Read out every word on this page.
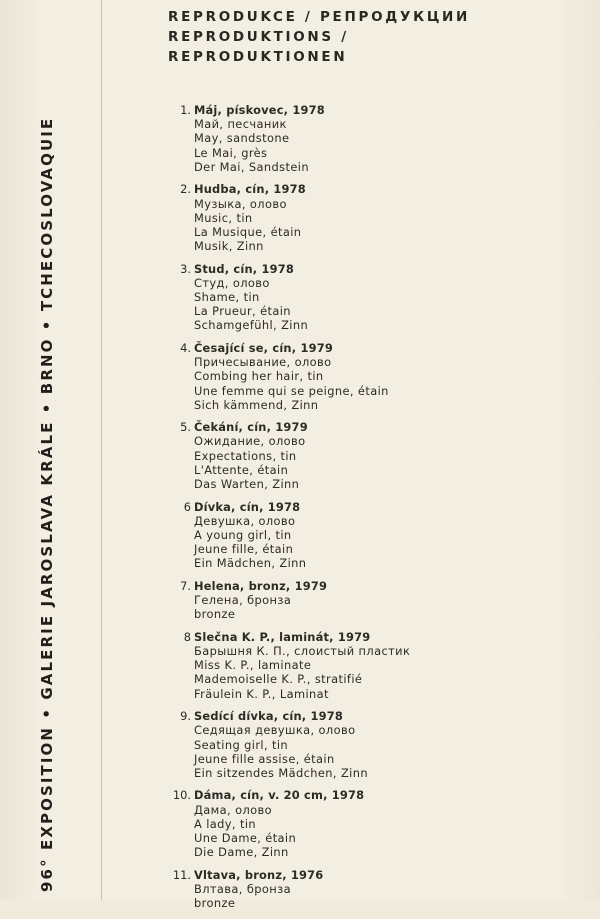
96° EXPOSITION • GALERIE JAROSLAVA KRÁLE • BRNO • TCHECOSLOVAQUIE
REPRODUKCE / РЕПРОДУКЦИИ
REPRODUKTIONS /
REPRODUKTIONEN
1. Máj, pískovec, 1978
Май, песчаник
May, sandstone
Le Mai, grès
Der Mai, Sandstein
2. Hudba, cín, 1978
Музыка, олово
Music, tin
La Musique, étain
Musik, Zinn
3. Stud, cín, 1978
Студ, олово
Shame, tin
La Prueur, étain
Schamgefühl, Zinn
4. Česající se, cín, 1979
Причесывание, олово
Combing her hair, tin
Une femme qui se peigne, étain
Sich kämmend, Zinn
5. Čekání, cín, 1979
Ожидание, олово
Expectations, tin
L'Attente, étain
Das Warten, Zinn
6 Dívka, cín, 1978
Девушка, олово
A young girl, tin
Jeune fille, étain
Ein Mädchen, Zinn
7. Helena, bronz, 1979
Гелена, бронза
bronze
8 Slečna K. P., laminát, 1979
Барышня К. П., слоистый пластик
Miss K. P., laminate
Mademoiselle K. P., stratifié
Fräulein K. P., Laminat
9. Sedící dívka, cín, 1978
Седящая девушка, олово
Seating girl, tin
Jeune fille assise, étain
Ein sitzendes Mädchen, Zinn
10. Dáma, cín, v. 20 cm, 1978
Дама, олово
A lady, tin
Une Dame, étain
Die Dame, Zinn
11. Vltava, bronz, 1976
Влтава, бронза
bronze
